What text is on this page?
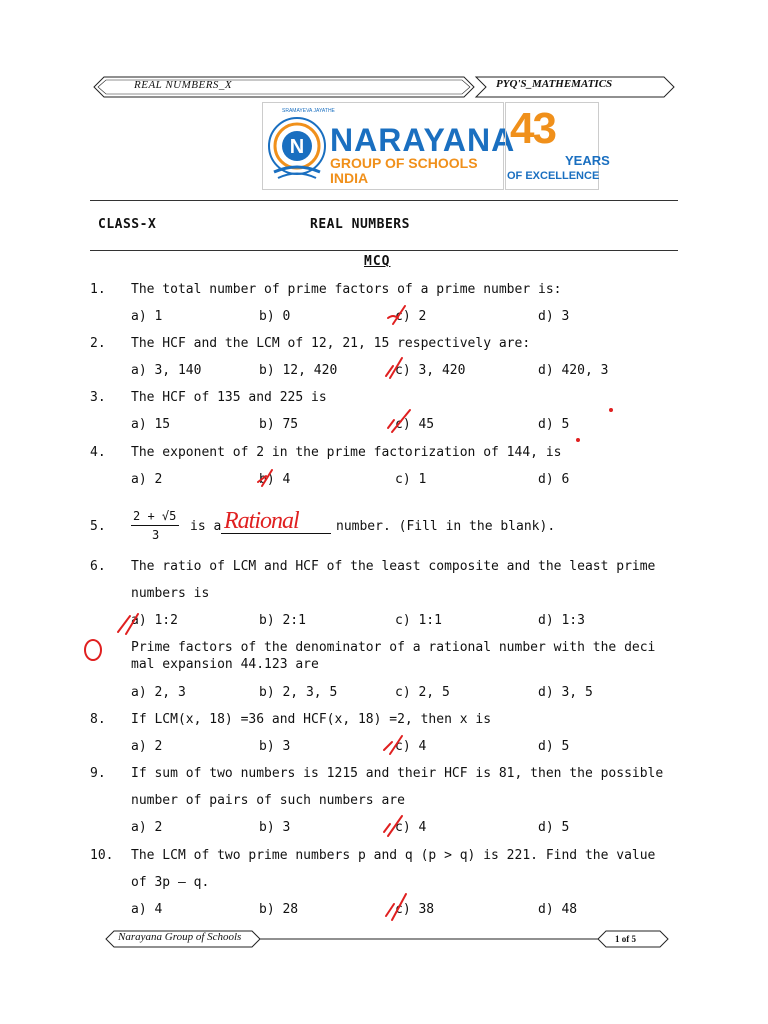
REAL NUMBERS_X	PYQ'S_MATHEMATICS
N
SRAMAYEVA JAYATHE
NARAYANA
GROUP OF SCHOOLS
INDIA
43
YEARS
OF EXCELLENCE
CLASS-X	REAL NUMBERS
MCQ
1. The total number of prime factors of a prime number is:
a) 1	b) 0	c) 2	d) 3
2. The HCF and the LCM of 12, 21, 15 respectively are:
a) 3, 140	b) 12, 420	c) 3, 420	d) 420, 3
3. The HCF of 135 and 225 is
a) 15	b) 75	c) 45	d) 5
4. The exponent of 2 in the prime factorization of 144, is
a) 2	b) 4	c) 1	d) 6
5.
2 + √5
3
is a Rational	number. (Fill in the blank).
6. The ratio of LCM and HCF of the least composite and the least prime
numbers is
a) 1:2	b) 2:1	c) 1:1	d) 1:3
Prime factors of the denominator of a rational number with the deci
mal expansion 44.123 are
a) 2, 3	b) 2, 3, 5	c) 2, 5	d) 3, 5
8. If LCM(x, 18) =36 and HCF(x, 18) =2, then x is
a) 2	b) 3	c) 4	d) 5
9. If sum of two numbers is 1215 and their HCF is 81, then the possible
number of pairs of such numbers are
a) 2	b) 3	c) 4	d) 5
10. The LCM of two prime numbers p and q (p > q) is 221. Find the value
of 3p – q.
a) 4	b) 28	c) 38	d) 48
Narayana Group of Schools	1 of 5
